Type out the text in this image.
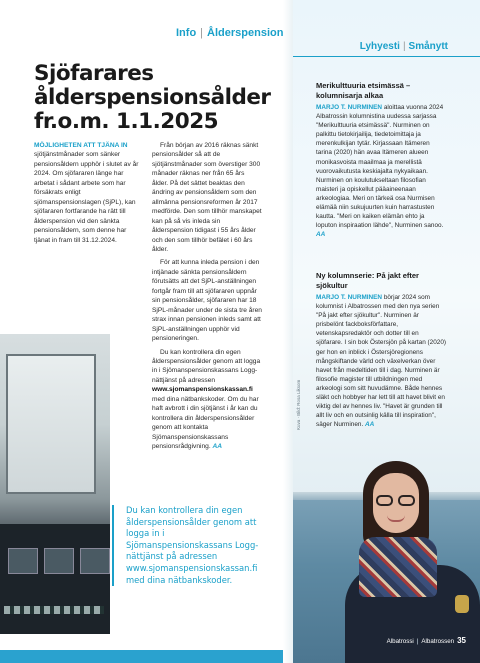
Info | Ålderspension
Sjöfarares ålderspensionsålder fr.o.m. 1.1.2025

MÖJLIGHETEN ATT TJÄNA IN sjötjänstmånader som sänker pensionsåldern upphör i slutet av år 2024. Om sjöfararen länge har arbetat i sådant arbete som har försäkrats enligt sjömanspensionslagen (SjPL), kan sjöfararen fortfarande ha rätt till ålderspension vid den sänkta pensionsåldern, som denne har tjänat in fram till 31.12.2024.

Från början av 2016 räknas sänkt pensionsålder så att de sjötjänstmånader som överstiger 300 månader räknas ner från 65 års ålder. På det sättet beaktas den ändring av pensionsåldern som den allmänna pensionsreformen år 2017 medförde. Den som tillhör manskapet kan på så vis inleda sin ålderspension tidigast i 55 års ålder och den som tillhör befälet i 60 års ålder.

För att kunna inleda pension i den intjänade sänkta pensionsåldern förutsätts att det SjPL-anställningen fortgår fram till att sjöfararen uppnår sin pensionsålder, sjöfararen har 18 SjPL-månader under de sista tre åren strax innan pensionen inleds samt att SjPL-anställningen upphör vid pensioneringen.

Du kan kontrollera din egen ålderspensionsålder genom att logga in i Sjömanspensionskassans Logg-nättjänst på adressen www.sjomanspensionskassan.fi med dina nätbankskoder. Om du har haft avbrott i din sjötjänst i år kan du kontrollera din ålderspensionsålder genom att kontakta Sjömanspensionskassans pensionsrådgivning. AA

Du kan kontrollera din egen ålderspensionsålder genom att logga in i Sjömanspensionskassans Logg-nättjänst på adressen www.sjomanspensionskassan.fi med dina nätbankskoder.
Lyhyesti | Smånytt
Merikulttuuria etsimässä –kolumnisarja alkaa

MARJO T. NURMINEN aloittaa vuonna 2024 Albatrossin kolumnistina uudessa sarjassa "Merikulttuuria etsimässä". Nurminen on palkittu tietokirjailija, tiedetoimittaja ja merenkulkijan tytär. Kirjassaan Itämeren tarina (2020) hän avaa Itämeren alueen monikasvoista maailmaa ja merellistä vuorovaikutusta keskiajalta nykyaikaan. Nurminen on koulutukseltaan filosofian maisteri ja opiskellut pääaineenaan arkeologiaa. Meri on tärkeä osa Nurmisen elämää niin sukujuurten kuin harrastusten kautta. "Meri on kaiken elämän ehto ja loputon inspiraation lähde", Nurminen sanoo. AA

Ny kolumnserie: På jakt efter sjökultur

MARJO T. NURMINEN börjar 2024 som kolumnist i Albatrossen med den nya serien "På jakt efter sjökultur". Nurminen är prisbelönt fackboksförfattare, vetenskapsredaktör och dotter till en sjöfarare. I sin bok Östersjön på kartan (2020) ger hon en inblick i Östersjöregionens mångskiftande värld och växelverkan över havet från medeltiden till i dag. Nurminen är filosofie magister till utbildningen med arkeologi som sitt huvudämne. Både hennes släkt och hobbyer har lett till att havet blivit en viktig del av hennes liv. "Havet är grunden till allt liv och en outsinlig källa till inspiration", säger Nurminen. AA

Albatrossi | Albatrossen 35
Kuva · Bild: Rosa Liksom
